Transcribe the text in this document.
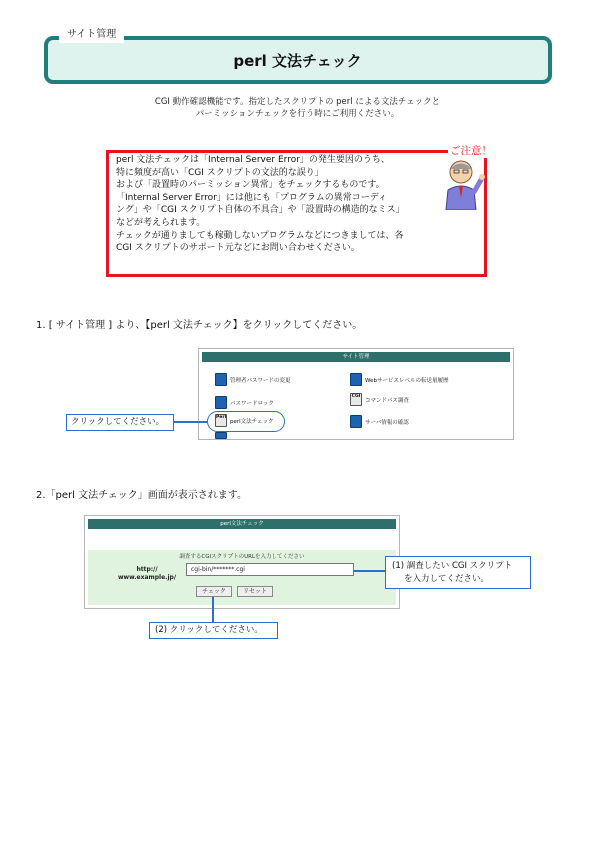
サイト管理
perl 文法チェック
CGI 動作確認機能です。指定したスクリプトの perl による文法チェックと
パーミッションチェックを行う時にご利用ください。
ご注意！
perl 文法チェックは「Internal Server Error」の発生要因のうち、
特に頻度が高い「CGI スクリプトの文法的な誤り」
および「設置時のパーミッション異常」をチェックするものです。
「Internal Server Error」には他にも「プログラムの異常コーディ
ング」や「CGI スクリプト自体の不具合」や「設置時の構造的なミス」
などが考えられます。
チェックが通りましても稼動しないプログラムなどにつきましては、各
CGI スクリプトのサポート元などにお問い合わせください。
1. [ サイト管理 ] より、【perl 文法チェック】をクリックしてください。
サイト管理
管理者パスワードの変更
パスワードロック
Perl
perl文法チェック
Webサービスレベルの転送量履歴
CGI
コマンドパス調査
サーバ情報の確認
クリックしてください。
2.「perl 文法チェック」画面が表示されます。
perl文法チェック
調査するCGIスクリプトのURLを入力してください
http://
www.example.jp/
cgi-bin/*******.cgi
チェック	リセット
(1) 調査したい CGI スクリプト
を入力してください。
(2) クリックしてください。
